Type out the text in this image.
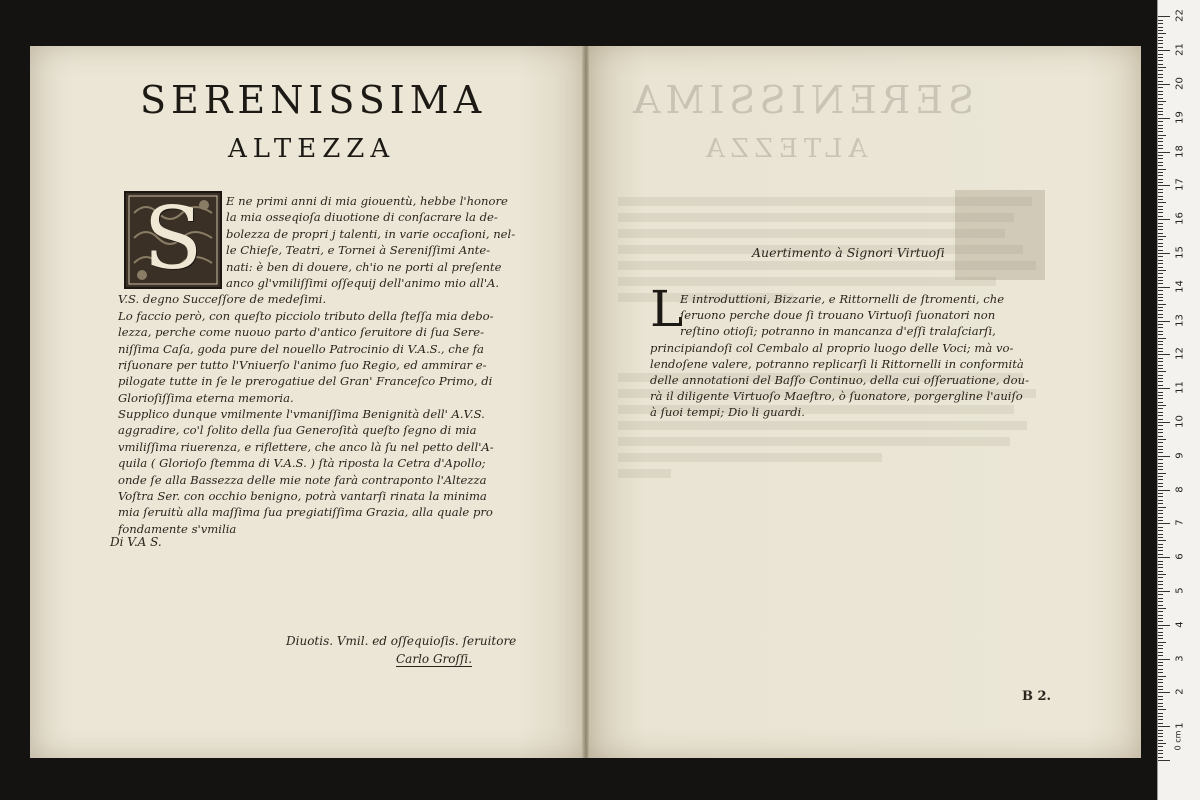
SERENISSIMA
ALTEZZA
S	E ne primi anni di mia giouentù, hebbe l'honore
la mia osseqioſa diuotione di conſacrare la de-
bolezza de propri j talenti, in varie occaſioni, nel-
le Chieſe, Teatri, e Tornei à Sereniſſimi Ante-
nati: è ben di douere, ch'io ne porti al preſente
anco gl'vmiliſſimi oſſequij dell'animo mio all'A.
V.S. degno Succeſſore de medeſimi.
Lo faccio però, con queſto picciolo tributo della ſteſſa mia debo-
lezza, perche come nuouo parto d'antico ſeruitore di ſua Sere-
niſſima Caſa, goda pure del nouello Patrocinio di V.A.S., che fa
riſuonare per tutto l'Vniuerſo l'animo ſuo Regio, ed ammirar e-
pilogate tutte in ſe le prerogatiue del Gran' Franceſco Primo, di
Glorioſiſſima eterna memoria.
Supplico dunque vmilmente l'vmaniſſima Benignità dell' A.V.S.
aggradire, co'l ſolito della ſua Generoſità queſto ſegno di mia
vmiliſſima riuerenza, e riflettere, che anco là ſu nel petto dell'A-
quila ( Glorioſo ſtemma di V.A.S. ) ſtà riposta la Cetra d'Apollo;
onde ſe alla Bassezza delle mie note farà contraponto l'Altezza
Voſtra Ser. con occhio benigno, potrà vantarſi rinata la minima
mia ſeruitù alla maſſima ſua pregiatiſſima Grazia, alla quale pro
fondamente s'vmilia
Di V.A S.
Diuotis. Vmil. ed oſſequioſis. ſeruitore
Carlo Groſſi.
Auertimento à Signori Virtuoſi
L
E introduttioni, Bizzarie, e Rittornelli de ſtromenti, che
ſeruono perche doue ſi trouano Virtuoſi ſuonatori non
reſtino otioſi; potranno in mancanza d'eſſi tralaſciarſi,
principiandoſi col Cembalo al proprio luogo delle Voci; mà vo-
lendoſene valere, potranno replicarſi li Rittornelli in conformità
delle annotationi del Baſſo Continuo, della cui oſſeruatione, dou-
rà il diligente Virtuoſo Maeſtro, ò ſuonatore, porgergline l'auiſo
à ſuoi tempi; Dio li guardi.
B 2.
1
2
3
4
5
6
7
8
9
10
11
12
13
14
15
16
17
18
19
20
21
22
0 cm
